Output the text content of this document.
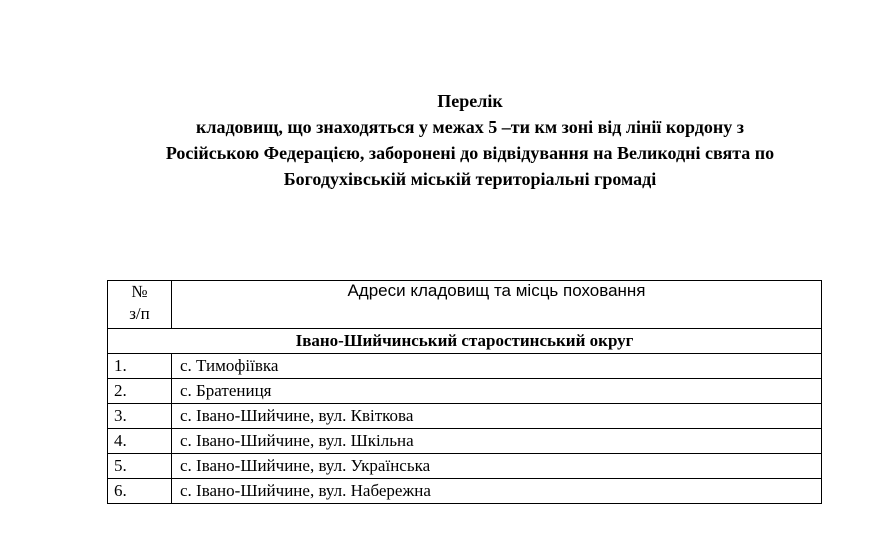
Перелік
кладовищ, що знаходяться у межах 5 –ти км зоні від лінії кордону з
Російською Федерацією, заборонені до відвідування на Великодні свята по
Богодухівській міській територіальні громаді
№
з/п	Адреси кладовищ та місць поховання
Івано-Шийчинський старостинський округ	
1.	с. Тимофіївка
2.	с. Братениця
3.	с. Івано-Шийчине, вул. Квіткова
4.	с. Івано-Шийчине, вул. Шкільна
5.	с. Івано-Шийчине, вул. Українська
6.	с. Івано-Шийчине, вул. Набережна
